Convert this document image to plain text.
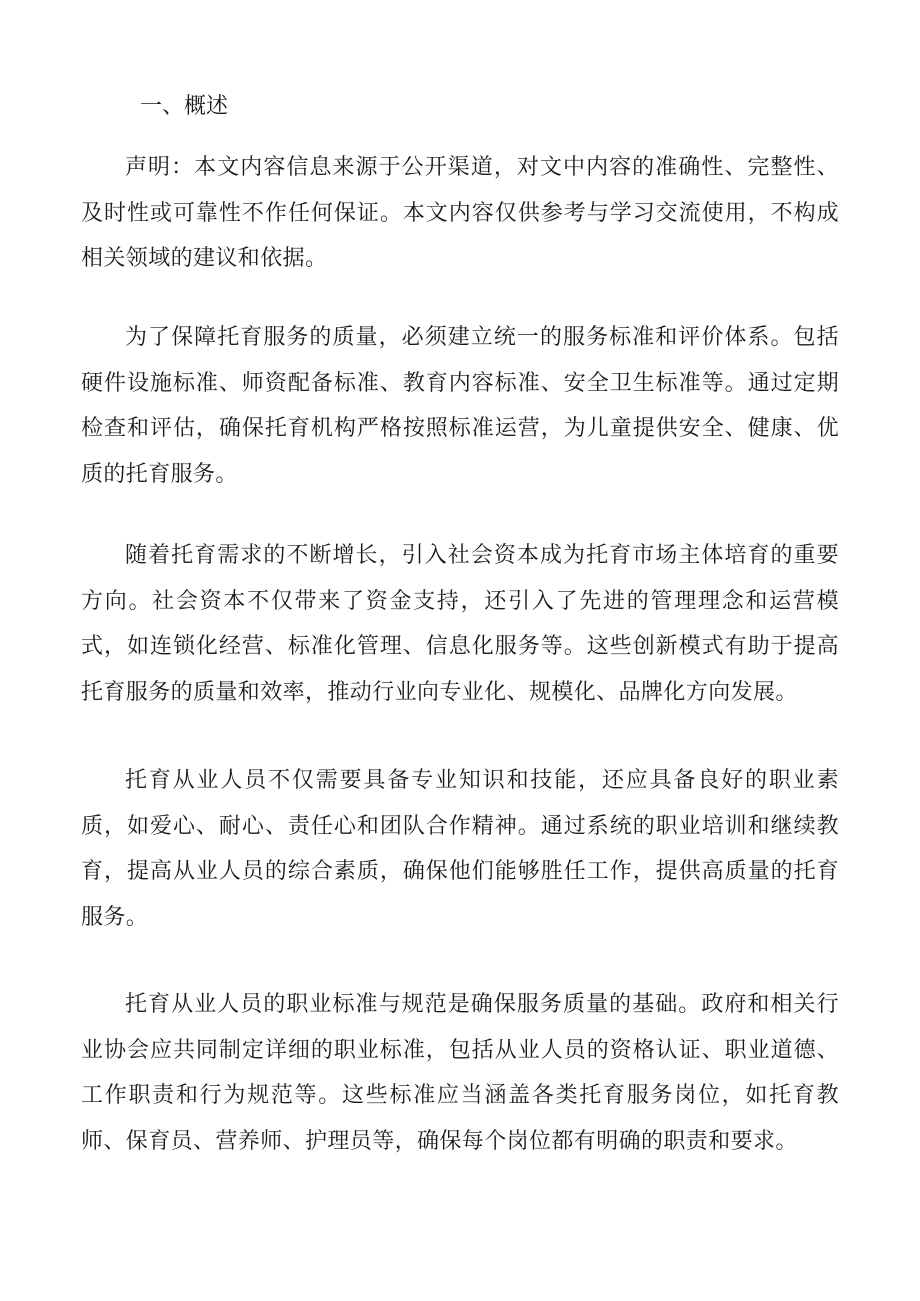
一、概述

声明：本文内容信息来源于公开渠道，对文中内容的准确性、完整性、及时性或可靠性不作任何保证。本文内容仅供参考与学习交流使用，不构成相关领域的建议和依据。

为了保障托育服务的质量，必须建立统一的服务标准和评价体系。包括硬件设施标准、师资配备标准、教育内容标准、安全卫生标准等。通过定期检查和评估，确保托育机构严格按照标准运营，为儿童提供安全、健康、优质的托育服务。

随着托育需求的不断增长，引入社会资本成为托育市场主体培育的重要方向。社会资本不仅带来了资金支持，还引入了先进的管理理念和运营模式，如连锁化经营、标准化管理、信息化服务等。这些创新模式有助于提高托育服务的质量和效率，推动行业向专业化、规模化、品牌化方向发展。

托育从业人员不仅需要具备专业知识和技能，还应具备良好的职业素质，如爱心、耐心、责任心和团队合作精神。通过系统的职业培训和继续教育，提高从业人员的综合素质，确保他们能够胜任工作，提供高质量的托育服务。

托育从业人员的职业标准与规范是确保服务质量的基础。政府和相关行业协会应共同制定详细的职业标准，包括从业人员的资格认证、职业道德、工作职责和行为规范等。这些标准应当涵盖各类托育服务岗位，如托育教师、保育员、营养师、护理员等，确保每个岗位都有明确的职责和要求。
